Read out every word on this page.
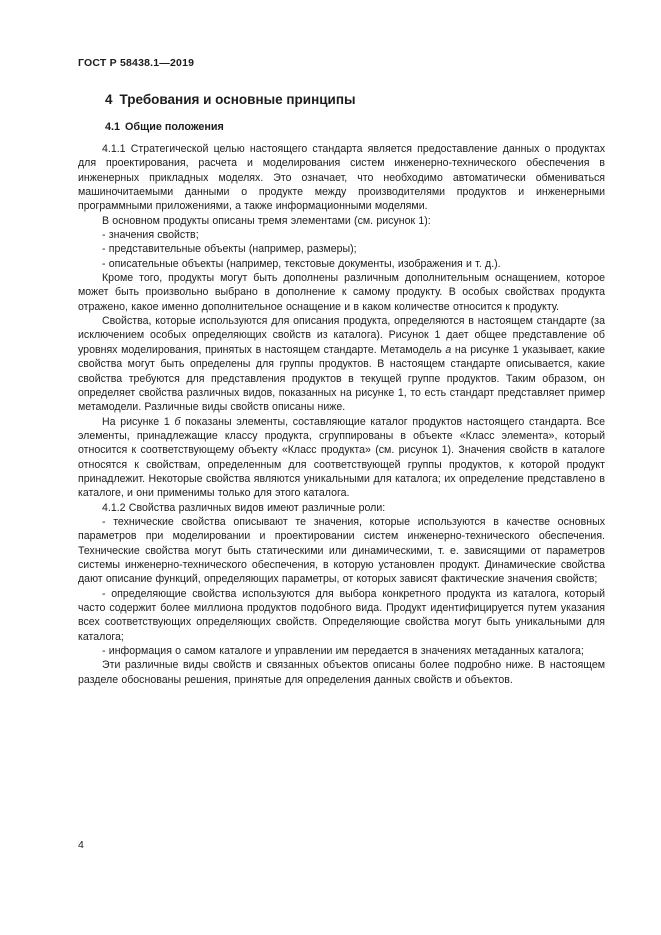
ГОСТ Р 58438.1—2019
4 Требования и основные принципы
4.1 Общие положения

4.1.1 Стратегической целью настоящего стандарта является предоставление данных о продуктах для проектирования, расчета и моделирования систем инженерно-технического обеспечения в инженерных прикладных моделях. Это означает, что необходимо автоматически обмениваться машиночитаемыми данными о продукте между производителями продуктов и инженерными программными приложениями, а также информационными моделями.

В основном продукты описаны тремя элементами (см. рисунок 1):

- значения свойств;

- представительные объекты (например, размеры);

- описательные объекты (например, текстовые документы, изображения и т. д.).

Кроме того, продукты могут быть дополнены различным дополнительным оснащением, которое может быть произвольно выбрано в дополнение к самому продукту. В особых свойствах продукта отражено, какое именно дополнительное оснащение и в каком количестве относится к продукту.

Свойства, которые используются для описания продукта, определяются в настоящем стандарте (за исключением особых определяющих свойств из каталога). Рисунок 1 дает общее представление об уровнях моделирования, принятых в настоящем стандарте. Метамодель а на рисунке 1 указывает, какие свойства могут быть определены для группы продуктов. В настоящем стандарте описывается, какие свойства требуются для представления продуктов в текущей группе продуктов. Таким образом, он определяет свойства различных видов, показанных на рисунке 1, то есть стандарт представляет пример метамодели. Различные виды свойств описаны ниже.

На рисунке 1 б показаны элементы, составляющие каталог продуктов настоящего стандарта. Все элементы, принадлежащие классу продукта, сгруппированы в объекте «Класс элемента», который относится к соответствующему объекту «Класс продукта» (см. рисунок 1). Значения свойств в каталоге относятся к свойствам, определенным для соответствующей группы продуктов, к которой продукт принадлежит. Некоторые свойства являются уникальными для каталога; их определение представлено в каталоге, и они применимы только для этого каталога.

4.1.2 Свойства различных видов имеют различные роли:

- технические свойства описывают те значения, которые используются в качестве основных параметров при моделировании и проектировании систем инженерно-технического обеспечения. Технические свойства могут быть статическими или динамическими, т. е. зависящими от параметров системы инженерно-технического обеспечения, в которую установлен продукт. Динамические свойства дают описание функций, определяющих параметры, от которых зависят фактические значения свойств;

- определяющие свойства используются для выбора конкретного продукта из каталога, который часто содержит более миллиона продуктов подобного вида. Продукт идентифицируется путем указания всех соответствующих определяющих свойств. Определяющие свойства могут быть уникальными для каталога;

- информация о самом каталоге и управлении им передается в значениях метаданных каталога;

Эти различные виды свойств и связанных объектов описаны более подробно ниже. В настоящем разделе обоснованы решения, принятые для определения данных свойств и объектов.

4
